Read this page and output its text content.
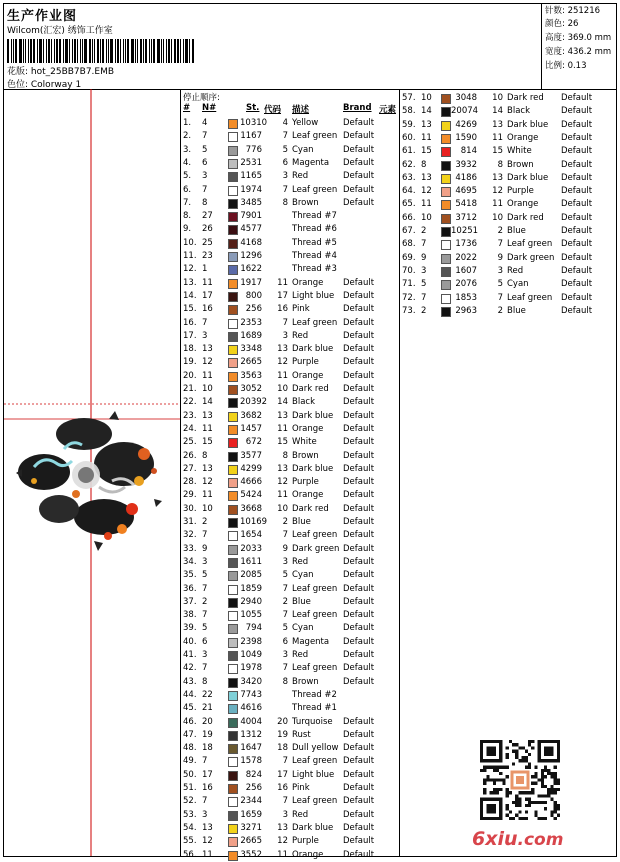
生产作业图
Wilcom(汇宏) 绣饰工作室
花版: hot_25BB7B7.EMB
色位: Colorway 1
针数: 251216
颜色: 26
高度: 369.0 mm
宽度: 436.2 mm
比例: 0.13
停止顺序:
# N#	St. 代码 描述	Brand 元素
1. 4	10310	4 Yellow	Default
2. 7	1167	7 Leaf green Default
3. 5	776	5 Cyan	Default
4. 6	2531	6 Magenta Default
5. 3	1165	3 Red	Default
6. 7	1974	7 Leaf green Default
7. 8	3485	8 Brown	Default
8. 27	7901	Thread #7
9. 26	4577	Thread #6
10. 25	4168	Thread #5
11. 23	1296	Thread #4
12. 1	1622	Thread #3
13. 11	1917	11 Orange Default
14. 17	800	17 Light blue Default
15. 16	256	16 Pink	Default
16. 7	2353	7 Leaf green Default
17. 3	1689	3 Red	Default
18. 13	3348	13 Dark blue Default
19. 12	2665	12 Purple	Default
20. 11	3563	11 Orange Default
21. 10	3052	10 Dark red Default
22. 14	20392	14 Black	Default
23. 13	3682	13 Dark blue Default
24. 11	1457	11 Orange Default
25. 15	672	15 White	Default
26. 8	3577	8 Brown	Default
27. 13	4299	13 Dark blue Default
28. 12	4666	12 Purple	Default
29. 11	5424	11 Orange Default
30. 10	3668	10 Dark red Default
31. 2	10169	2 Blue	Default
32. 7	1654	7 Leaf green Default
33. 9	2033	9 Dark green Default
34. 3	1611	3 Red	Default
35. 5	2085	5 Cyan	Default
36. 7	1859	7 Leaf green Default
37. 2	2940	2 Blue	Default
38. 7	1055	7 Leaf green Default
39. 5	794	5 Cyan	Default
40. 6	2398	6 Magenta Default
41. 3	1049	3 Red	Default
42. 7	1978	7 Leaf green Default
43. 8	3420	8 Brown	Default
44. 22	7743	Thread #2
45. 21	4616	Thread #1
46. 20	4004	20 Turquoise Default
47. 19	1312	19 Rust	Default
48. 18	1647	18 Dull yellow Default
49. 7	1578	7 Leaf green Default
50. 17	824	17 Light blue Default
51. 16	256	16 Pink	Default
52. 7	2344	7 Leaf green Default
53. 3	1659	3 Red	Default
54. 13	3271	13 Dark blue Default
55. 12	2665	12 Purple	Default
56. 11	3552	11 Orange Default
57. 10	3048	10 Dark red Default
58. 14 20074	14 Black	Default
59. 13	4269	13 Dark blue Default
60. 11	1590	11 Orange	Default
61. 15	814	15 White	Default
62. 8	3932	8 Brown	Default
63. 13	4186	13 Dark blue Default
64. 12	4695	12 Purple	Default
65. 11	5418	11 Orange	Default
66. 10	3712	10 Dark red Default
67. 2	10251	2 Blue	Default
68. 7	1736	7 Leaf green Default
69. 9	2022	9 Dark green Default
70. 3	1607	3 Red	Default
71. 5	2076	5 Cyan	Default
72. 7	1853	7 Leaf green Default
73. 2	2963	2 Blue	Default
6xiu.com
